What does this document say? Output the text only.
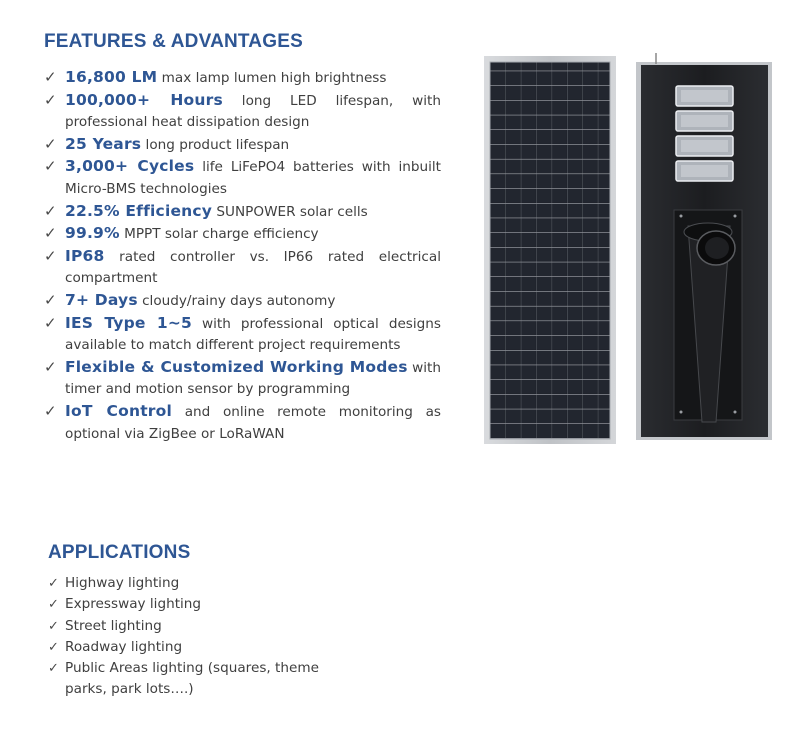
FEATURES & ADVANTAGES
✓ 16,800 LM max lamp lumen high brightness
✓ 100,000+ Hours long LED lifespan, with professional heat dissipation design
✓ 25 Years long product lifespan
✓ 3,000+ Cycles life LiFePO4 batteries with inbuilt Micro-BMS technologies
✓ 22.5% Efficiency SUNPOWER solar cells
✓ 99.9% MPPT solar charge efficiency
✓ IP68 rated controller vs. IP66 rated electrical compartment
✓ 7+ Days cloudy/rainy days autonomy
✓ IES Type 1~5 with professional optical designs available to match different project requirements
✓ Flexible & Customized Working Modes with timer and motion sensor by programming
✓ IoT Control and online remote monitoring as optional via ZigBee or LoRaWAN
APPLICATIONS
✓ Highway lighting
✓ Expressway lighting
✓ Street lighting
✓ Roadway lighting
✓ Public Areas lighting (squares, theme parks, park lots….)
